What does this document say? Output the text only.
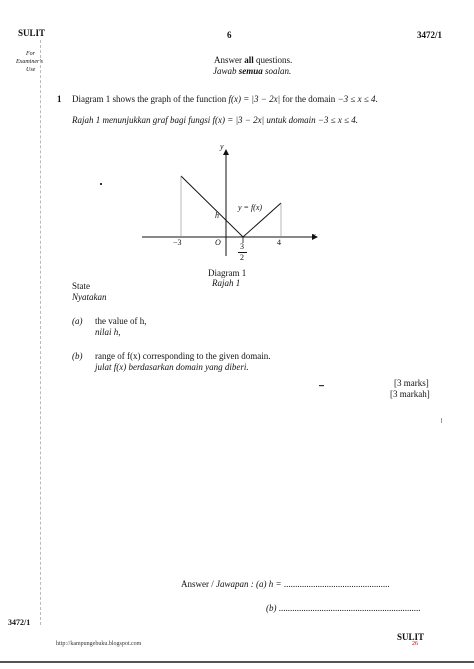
SULIT	6	3472/1
For
Examiner's
Use
Answer all questions.
Jawab semua soalan.
1 Diagram 1 shows the graph of the function f(x) = |3 − 2x| for the domain −3 ≤ x ≤ 4.
Rajah 1 menunjukkan graf bagi fungsi f(x) = |3 − 2x| untuk domain −3 ≤ x ≤ 4.
y
x
y = f(x)
h
O
−3	4
3
2
Diagram 1
Rajah 1
State
Nyatakan
(a) the value of h,
nilai h,
(b) range of f(x) corresponding to the given domain.
julat f(x) berdasarkan domain yang diberi.
[3 marks]
[3 markah]
Answer / Jawapan : (a) h = ...............................................
(b) ...............................................................
3472/1
http://kampungebuku.blogspot.com
SULIT
26
